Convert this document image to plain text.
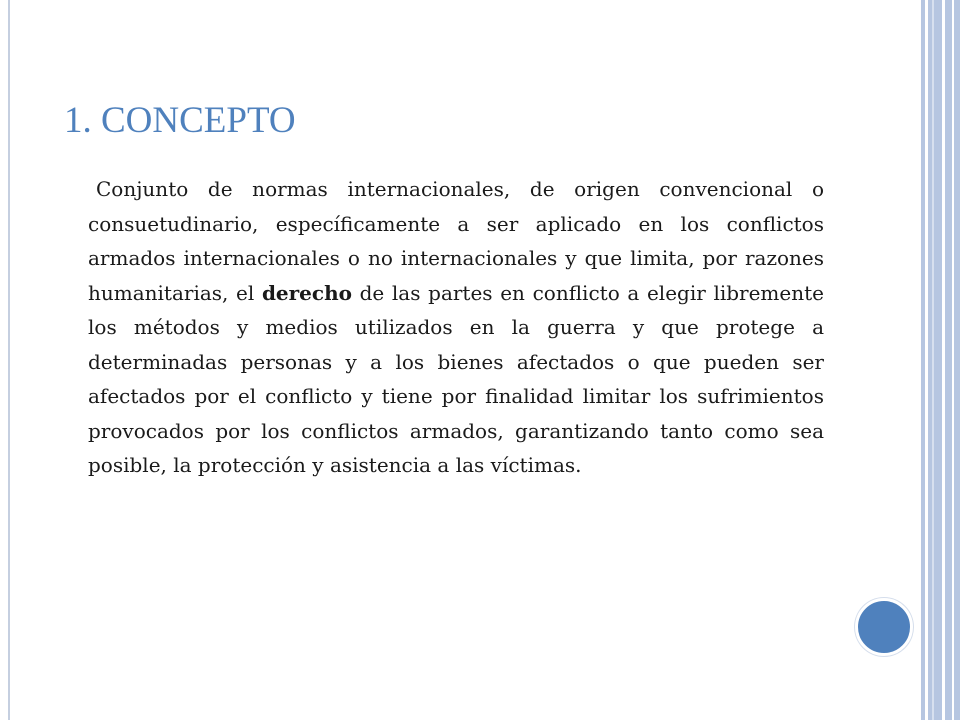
1. CONCEPTO

Conjunto de normas internacionales, de origen convencional o consuetudinario, específicamente a ser aplicado en los conflictos armados internacionales o no internacionales y que limita, por razones humanitarias, el derecho de las partes en conflicto a elegir libremente los métodos y medios utilizados en la guerra y que protege a determinadas personas y a los bienes afectados o que pueden ser afectados por el conflicto y tiene por finalidad limitar los sufrimientos provocados por los conflictos armados, garantizando tanto como sea posible, la protección y asistencia a las víctimas.
